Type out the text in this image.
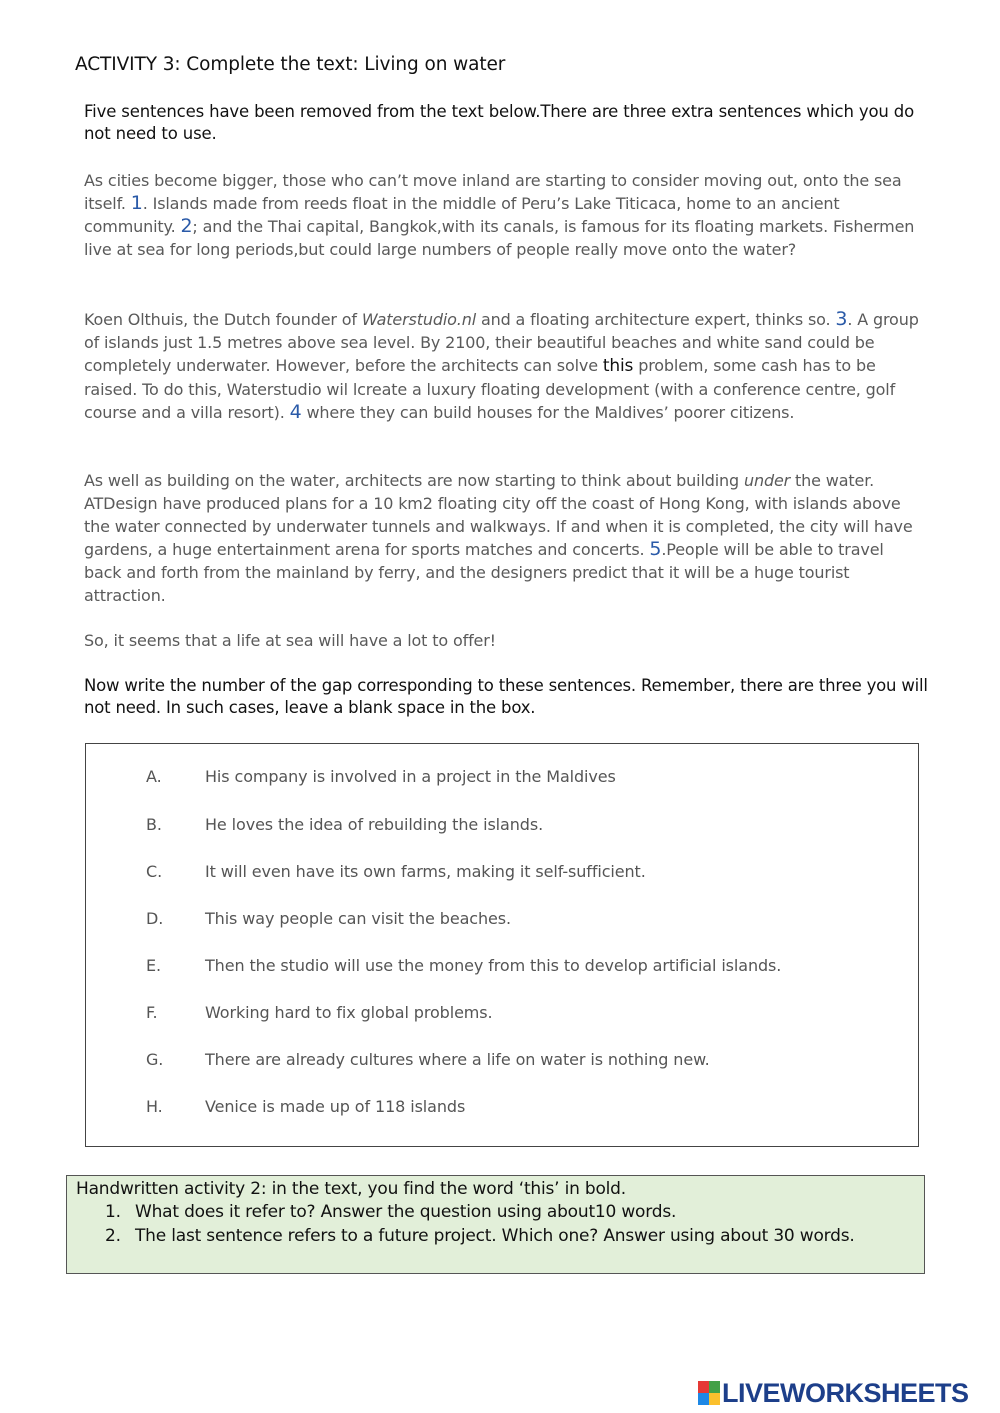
ACTIVITY 3: Complete the text: Living on water
Five sentences have been removed from the text below.There are three extra sentences which you do not need to use.
As cities become bigger, those who can’t move inland are starting to consider moving out, onto the sea itself. 1. Islands made from reeds float in the middle of Peru’s Lake Titicaca, home to an ancient community. 2; and the Thai capital, Bangkok,with its canals, is famous for its floating markets. Fishermen live at sea for long periods,but could large numbers of people really move onto the water?
Koen Olthuis, the Dutch founder of Waterstudio.nl and a floating architecture expert, thinks so. 3. A group of islands just 1.5 metres above sea level. By 2100, their beautiful beaches and white sand could be completely underwater. However, before the architects can solve this problem, some cash has to be raised. To do this, Waterstudio wil lcreate a luxury floating development (with a conference centre, golf course and a villa resort). 4 where they can build houses for the Maldives’ poorer citizens.
As well as building on the water, architects are now starting to think about building under the water. ATDesign have produced plans for a 10 km2 floating city off the coast of Hong Kong, with islands above the water connected by underwater tunnels and walkways. If and when it is completed, the city will have gardens, a huge entertainment arena for sports matches and concerts. 5.People will be able to travel back and forth from the mainland by ferry, and the designers predict that it will be a huge tourist attraction.
So, it seems that a life at sea will have a lot to offer!
Now write the number of the gap corresponding to these sentences. Remember, there are three you will not need. In such cases, leave a blank space in the box.
A.	His company is involved in a project in the Maldives
B.	He loves the idea of rebuilding the islands.
C.	It will even have its own farms, making it self-sufficient.
D.	This way people can visit the beaches.
E.	Then the studio will use the money from this to develop artificial islands.
F.	Working hard to fix global problems.
G.	There are already cultures where a life on water is nothing new.
H.	Venice is made up of 118 islands
Handwritten activity 2: in the text, you find the word ‘this’ in bold.
1. What does it refer to? Answer the question using about10 words.
2. The last sentence refers to a future project. Which one? Answer using about 30 words.
LIVEWORKSHEETS
